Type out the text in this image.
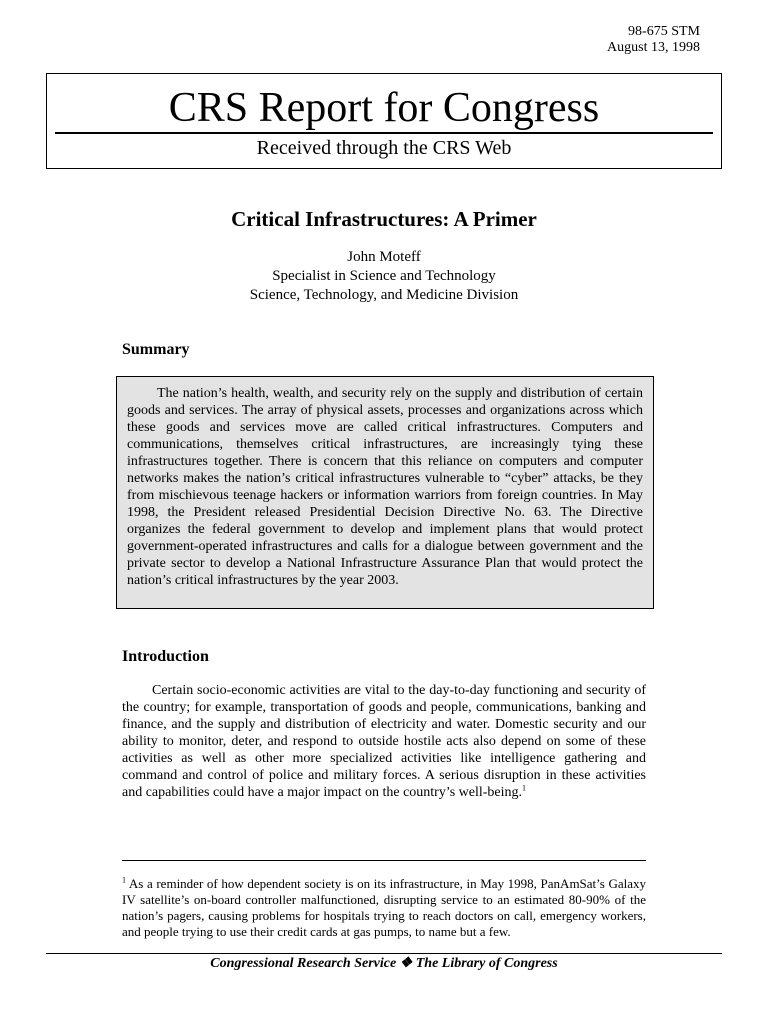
98-675 STM
August 13, 1998
CRS Report for Congress
Received through the CRS Web
Critical Infrastructures: A Primer
John Moteff
Specialist in Science and Technology
Science, Technology, and Medicine Division
Summary

The nation’s health, wealth, and security rely on the supply and distribution of certain goods and services. The array of physical assets, processes and organizations across which these goods and services move are called critical infrastructures. Computers and communications, themselves critical infrastructures, are increasingly tying these infrastructures together. There is concern that this reliance on computers and computer networks makes the nation’s critical infrastructures vulnerable to “cyber” attacks, be they from mischievous teenage hackers or information warriors from foreign countries. In May 1998, the President released Presidential Decision Directive No. 63. The Directive organizes the federal government to develop and implement plans that would protect government-operated infrastructures and calls for a dialogue between government and the private sector to develop a National Infrastructure Assurance Plan that would protect the nation’s critical infrastructures by the year 2003.

Introduction

Certain socio-economic activities are vital to the day-to-day functioning and security of the country; for example, transportation of goods and people, communications, banking and finance, and the supply and distribution of electricity and water. Domestic security and our ability to monitor, deter, and respond to outside hostile acts also depend on some of these activities as well as other more specialized activities like intelligence gathering and command and control of police and military forces. A serious disruption in these activities and capabilities could have a major impact on the country’s well-being.$^1$

$^1$ As a reminder of how dependent society is on its infrastructure, in May 1998, PanAmSat’s Galaxy IV satellite’s on-board controller malfunctioned, disrupting service to an estimated 80-90% of the nation’s pagers, causing problems for hospitals trying to reach doctors on call, emergency workers, and people trying to use their credit cards at gas pumps, to name but a few.

Congressional Research Service ❖ The Library of Congress
